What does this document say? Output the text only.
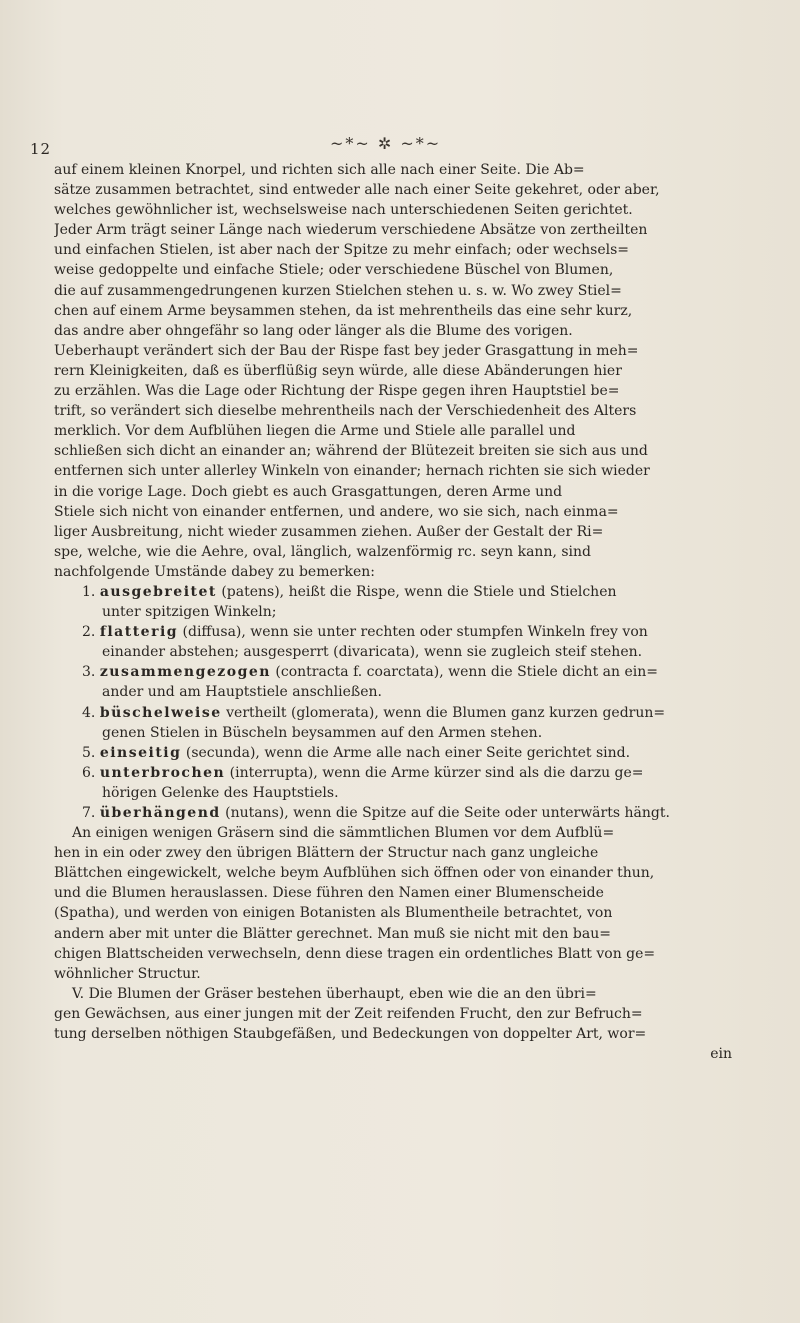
12	~*~ ✲ ~*~
auf einem kleinen Knorpel, und richten sich alle nach einer Seite. Die Ab=
sätze zusammen betrachtet, sind entweder alle nach einer Seite gekehret, oder aber,
welches gewöhnlicher ist, wechselsweise nach unterschiedenen Seiten gerichtet.
Jeder Arm trägt seiner Länge nach wiederum verschiedene Absätze von zertheilten
und einfachen Stielen, ist aber nach der Spitze zu mehr einfach; oder wechsels=
weise gedoppelte und einfache Stiele; oder verschiedene Büschel von Blumen,
die auf zusammengedrungenen kurzen Stielchen stehen u. s. w. Wo zwey Stiel=
chen auf einem Arme beysammen stehen, da ist mehrentheils das eine sehr kurz,
das andre aber ohngefähr so lang oder länger als die Blume des vorigen.
Ueberhaupt verändert sich der Bau der Rispe fast bey jeder Grasgattung in meh=
rern Kleinigkeiten, daß es überflüßig seyn würde, alle diese Abänderungen hier
zu erzählen. Was die Lage oder Richtung der Rispe gegen ihren Hauptstiel be=
trift, so verändert sich dieselbe mehrentheils nach der Verschiedenheit des Alters
merklich. Vor dem Aufblühen liegen die Arme und Stiele alle parallel und
schließen sich dicht an einander an; während der Blütezeit breiten sie sich aus und
entfernen sich unter allerley Winkeln von einander; hernach richten sie sich wieder
in die vorige Lage. Doch giebt es auch Grasgattungen, deren Arme und
Stiele sich nicht von einander entfernen, und andere, wo sie sich, nach einma=
liger Ausbreitung, nicht wieder zusammen ziehen. Außer der Gestalt der Ri=
spe, welche, wie die Aehre, oval, länglich, walzenförmig rc. seyn kann, sind
nachfolgende Umstände dabey zu bemerken:
1. ausgebreitet (patens), heißt die Rispe, wenn die Stiele und Stielchen
unter spitzigen Winkeln;
2. flatterig (diffusa), wenn sie unter rechten oder stumpfen Winkeln frey von
einander abstehen; ausgesperrt (divaricata), wenn sie zugleich steif stehen.
3. zusammengezogen (contracta f. coarctata), wenn die Stiele dicht an ein=
ander und am Hauptstiele anschließen.
4. büschelweise vertheilt (glomerata), wenn die Blumen ganz kurzen gedrun=
genen Stielen in Büscheln beysammen auf den Armen stehen.
5. einseitig (secunda), wenn die Arme alle nach einer Seite gerichtet sind.
6. unterbrochen (interrupta), wenn die Arme kürzer sind als die darzu ge=
hörigen Gelenke des Hauptstiels.
7. überhängend (nutans), wenn die Spitze auf die Seite oder unterwärts hängt.
An einigen wenigen Gräsern sind die sämmtlichen Blumen vor dem Aufblü=
hen in ein oder zwey den übrigen Blättern der Structur nach ganz ungleiche
Blättchen eingewickelt, welche beym Aufblühen sich öffnen oder von einander thun,
und die Blumen herauslassen. Diese führen den Namen einer Blumenscheide
(Spatha), und werden von einigen Botanisten als Blumentheile betrachtet, von
andern aber mit unter die Blätter gerechnet. Man muß sie nicht mit den bau=
chigen Blattscheiden verwechseln, denn diese tragen ein ordentliches Blatt von ge=
wöhnlicher Structur.
V. Die Blumen der Gräser bestehen überhaupt, eben wie die an den übri=
gen Gewächsen, aus einer jungen mit der Zeit reifenden Frucht, den zur Befruch=
tung derselben nöthigen Staubgefäßen, und Bedeckungen von doppelter Art, wor=
ein
